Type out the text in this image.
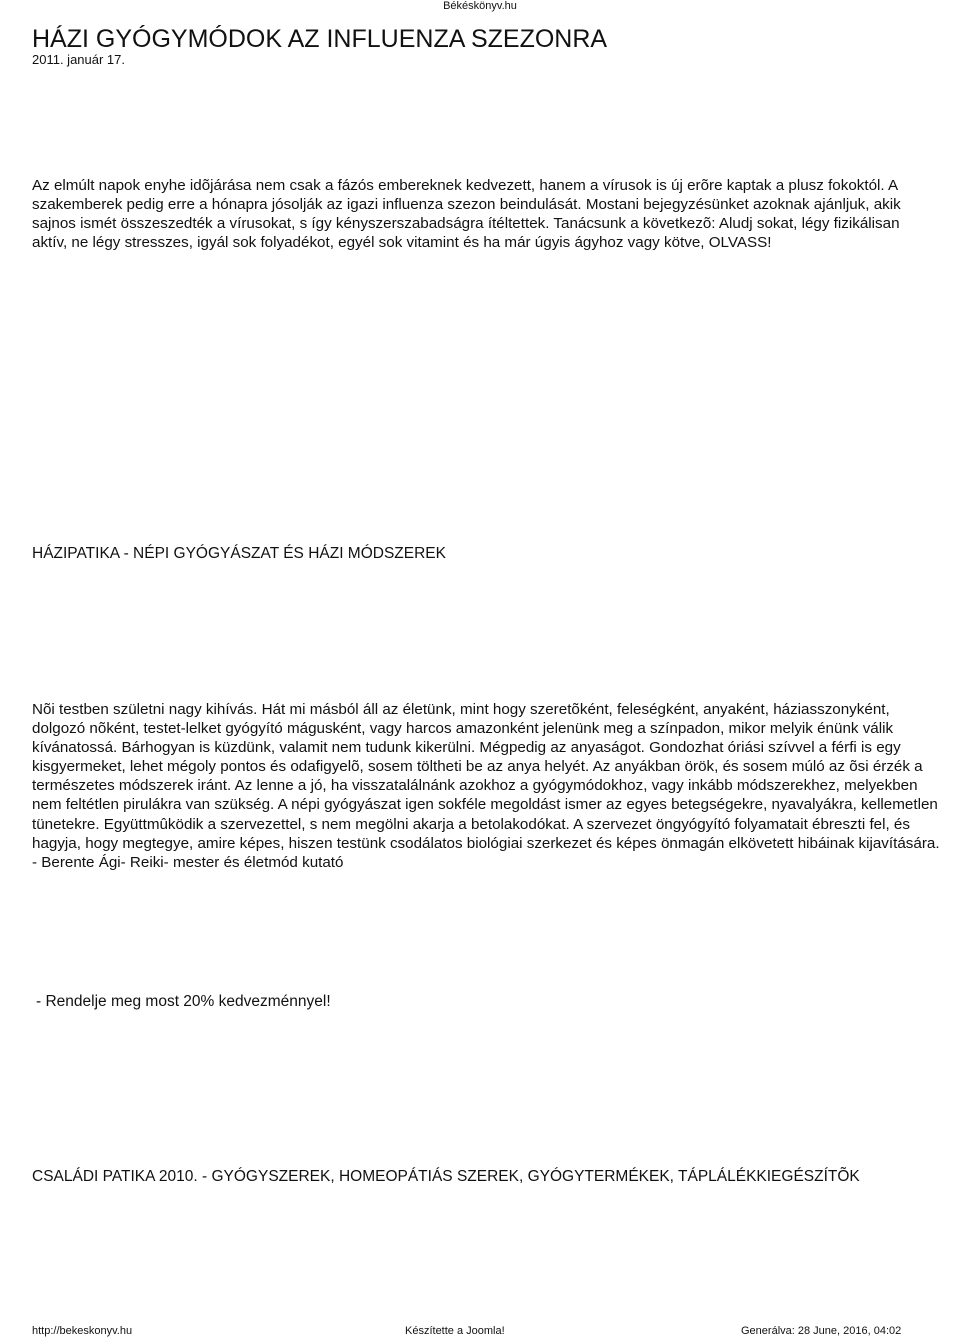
Békéskönyv.hu
HÁZI GYÓGYMÓDOK AZ INFLUENZA SZEZONRA
2011. január 17.

Az elmúlt napok enyhe idõjárása nem csak a fázós embereknek kedvezett, hanem a vírusok is új erõre kaptak a plusz fokoktól. A szakemberek pedig erre a hónapra jósolják az igazi influenza szezon beindulását. Mostani bejegyzésünket azoknak ajánljuk, akik sajnos ismét összeszedték a vírusokat, s így kényszerszabadságra ítéltettek. Tanácsunk a következõ: Aludj sokat, légy fizikálisan aktív, ne légy stresszes, igyál sok folyadékot, egyél sok vitamint és ha már úgyis ágyhoz vagy kötve, OLVASS!

HÁZIPATIKA - NÉPI GYÓGYÁSZAT ÉS HÁZI MÓDSZEREK

Nõi testben születni nagy kihívás. Hát mi másból áll az életünk, mint hogy szeretõként, feleségként, anyaként, háziasszonyként, dolgozó nõként, testet-lelket gyógyító mágusként, vagy harcos amazonként jelenünk meg a színpadon, mikor melyik énünk válik kívánatossá. Bárhogyan is küzdünk, valamit nem tudunk kikerülni. Mégpedig az anyaságot. Gondozhat óriási szívvel a férfi is egy kisgyermeket, lehet mégoly pontos és odafigyelõ, sosem töltheti be az anya helyét. Az anyákban örök, és sosem múló az õsi érzék a természetes módszerek iránt. Az lenne a jó, ha visszatalálnánk azokhoz a gyógymódokhoz, vagy inkább módszerekhez, melyekben nem feltétlen pirulákra van szükség. A népi gyógyászat igen sokféle megoldást ismer az egyes betegségekre, nyavalyákra, kellemetlen tünetekre. Együttmûködik a szervezettel, s nem megölni akarja a betolakodókat. A szervezet öngyógyító folyamatait ébreszti fel, és hagyja, hogy megtegye, amire képes, hiszen testünk csodálatos biológiai szerkezet és képes önmagán elkövetett hibáinak kijavítására. - Berente Ági- Reiki- mester és életmód kutató

- Rendelje meg most 20% kedvezménnyel!
CSALÁDI PATIKA 2010. - GYÓGYSZEREK, HOMEOPÁTIÁS SZEREK, GYÓGYTERMÉKEK, TÁPLÁLÉKKIEGÉSZÍTÕK
http://bekeskonyv.hu	Készítette a Joomla!	Generálva: 28 June, 2016, 04:02
